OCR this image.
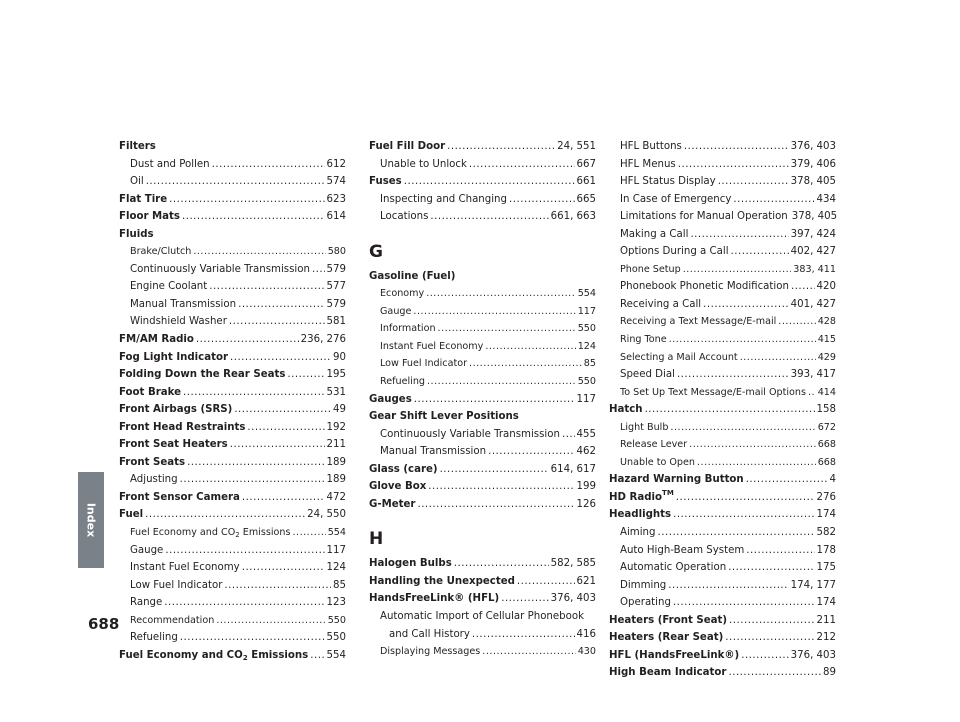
Index
688
Filters
Dust and Pollen .....	612
Oil .....	574
Flat Tire .....	623
Floor Mats .....	614
Fluids
Brake/Clutch .....	580
Continuously Variable Transmission ..... 579
Engine Coolant .....	577
Manual Transmission .....	579
Windshield Washer .....	581
FM/AM Radio .....	236, 276
Fog Light Indicator .....	90
Folding Down the Rear Seats .....	195
Foot Brake .....	531
Front Airbags (SRS) .....	49
Front Head Restraints .....	192
Front Seat Heaters .....	211
Front Seats .....	189
Adjusting .....	189
Front Sensor Camera .....	472
Fuel .....	24, 550
Fuel Economy and $CO_2$ Emissions .....	554
Gauge .....	117
Instant Fuel Economy .....	124
Low Fuel Indicator .....	85
Range .....	123
Recommendation .....	550
Refueling .....	550
Fuel Economy and $CO_2$ Emissions ..... 554
Fuel Fill Door .....	24, 551
Unable to Unlock .....	667
Fuses .....	661
Inspecting and Changing .....	665
Locations .....	661, 663
G
Gasoline (Fuel)
Economy .....	554
Gauge .....	117
Information .....	550
Instant Fuel Economy .....	124
Low Fuel Indicator .....	85
Refueling .....	550
Gauges .....	117
Gear Shift Lever Positions
Continuously Variable Transmission ..... 455
Manual Transmission .....	462
Glass (care) .....	614, 617
Glove Box .....	199
G-Meter .....	126
H
Halogen Bulbs .....	582, 585
Handling the Unexpected .....	621
HandsFreeLink® (HFL) .....	376, 403
Automatic Import of Cellular Phonebook
and Call History .....	416
Displaying Messages .....	430
HFL Buttons .....	376, 403
HFL Menus .....	379, 406
HFL Status Display .....	378, 405
In Case of Emergency .....	434
Limitations for Manual Operation 378, 405
Making a Call .....	397, 424
Options During a Call .....	402, 427
Phone Setup .....	383, 411
Phonebook Phonetic Modification .....	420
Receiving a Call .....	401, 427
Receiving a Text Message/E-mail .....	428
Ring Tone .....	415
Selecting a Mail Account .....	429
Speed Dial .....	393, 417
To Set Up Text Message/E-mail Options ..... 414
Hatch .....	158
Light Bulb .....	672
Release Lever .....	668
Unable to Open .....	668
Hazard Warning Button .....	4
HD Radio™ .....	276
Headlights .....	174
Aiming .....	582
Auto High-Beam System .....	178
Automatic Operation .....	175
Dimming .....	174, 177
Operating .....	174
Heaters (Front Seat) .....	211
Heaters (Rear Seat) .....	212
HFL (HandsFreeLink®) .....	376, 403
High Beam Indicator .....	89
